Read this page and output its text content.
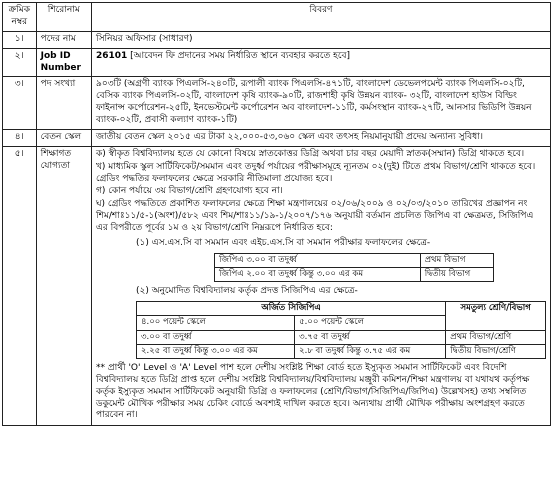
ক্রমিক নম্বর	শিরোনাম	বিবরণ
১।	পদের নাম	সিনিয়র অফিসার (সাধারণ)
২।	Job ID Number	26101 [আবেদন ফি প্রদানের সময় নির্ধারিত স্থানে ব্যবহার করতে হবে]
৩।	পদ সংখ্যা	৯০৩টি (অগ্রণী ব্যাংক পিএলসি-২৪০টি, রূপালী ব্যাংক পিএলসি-৪৭১টি, বাংলাদেশ ডেভেলপমেন্ট ব্যাংক পিএলসি-০২টি, বেসিক ব্যাংক পিএলসি-০২টি, বাংলাদেশ কৃষি ব্যাংক-৯০টি, রাজশাহী কৃষি উন্নয়ন ব্যাংক- ৩২টি, বাংলাদেশ হাউস বিল্ডিং ফাইনান্স কর্পোরেশন-২৫টি, ইনভেস্টমেন্ট কর্পোরেশন অব বাংলাদেশ-১১টি, কর্মসংস্থান ব্যাংক-২৭টি, আনসার ভিডিপি উন্নয়ন ব্যাংক-০২টি, প্রবাসী কল্যাণ ব্যাংক-১টি)
৪।	বেতন স্কেল	জাতীয় বেতন স্কেল ২০১৫ এর টাকা ২২,০০০-৫৩,০৬০ স্কেল এবং তৎসহ নিয়মানুযায়ী প্রদেয় অন্যান্য সুবিধা।
৫।	শিক্ষাগত যোগ্যতা	

ক) স্বীকৃত বিশ্ববিদ্যালয় হতে যে কোনো বিষয়ে স্নাতকোত্তর ডিগ্রি অথবা চার বছর মেয়াদী স্নাতক(সম্মান) ডিগ্রি থাকতে হবে।

খ) মাধ্যমিক স্কুল সার্টিফিকেট/সমমান এবং তদুর্ধ্ব পর্যায়ের পরীক্ষাসমূহে ন্যূনতম ০২(দুই) টিতে প্রথম বিভাগ/শ্রেণি থাকতে হবে। গ্রেডিং পদ্ধতির ফলাফলের ক্ষেত্রে সরকারি নীতিমালা প্রযোজ্য হবে।

গ) কোন পর্যায়ে ৩য় বিভাগ/শ্রেণি গ্রহণযোগ্য হবে না।

ঘ) গ্রেডিং পদ্ধতিতে প্রকাশিত ফলাফলের ক্ষেত্রে শিক্ষা মন্ত্রণালয়ের ০২/০৬/২০০৯ ও ০২/০৩/২০১০ তারিখের প্রজ্ঞাপন নং শিম/শাঃ১১/৫-১(অংশ)/৫৮২ এবং শিম/শাঃ১১/১৯-১/২০০৭/১৭৬ অনুযায়ী বর্তমান প্রচলিত জিপিএ বা ক্ষেত্রমত, সিজিপিএ এর বিপরীতে পূর্বের ১ম ও ২য় বিভাগ/শ্রেণি নিম্নরূপে নির্ধারিত হবে:

(১) এস.এস.সি বা সমমান এবং এইচ.এস.সি বা সমমান পরীক্ষার ফলাফলের ক্ষেত্রে-
জিপিএ ৩.০০ বা তদুর্ধ্ব	প্রথম বিভাগ
জিপিএ ২.০০ বা তদুর্ধ্ব কিন্তু ৩.০০ এর কম	দ্বিতীয় বিভাগ
(২) অনুমোদিত বিশ্ববিদ্যালয় কর্তৃক প্রদত্ত সিজিপিএ এর ক্ষেত্রে-
অর্জিত সিজিপিএ	সমতুল্য শ্রেণি/বিভাগ
৪.০০ পয়েন্ট স্কেলে	৫.০০ পয়েন্ট স্কেলে
৩.০০ বা তদুর্ধ্ব	৩.৭৫ বা তদুর্ধ্ব	প্রথম বিভাগ/শ্রেণি
২.২৫ বা তদুর্ধ্ব কিন্তু ৩.০০ এর কম	২.৮ বা তদুর্ধ্ব কিন্তু ৩.৭৫ এর কম	দ্বিতীয় বিভাগ/শ্রেণি

** প্রার্থী 'O' Level ও 'A' Level পাশ হলে দেশীয় সংশ্লিষ্ট শিক্ষা বোর্ড হতে ইস্যুকৃত সমমান সার্টিফিকেট এবং বিদেশি বিশ্ববিদ্যালয় হতে ডিগ্রি প্রাপ্ত হলে দেশীয় সংশ্লিষ্ট বিশ্ববিদ্যালয়/বিশ্ববিদ্যালয় মঞ্জুরী কমিশন/শিক্ষা মন্ত্রণালয় বা যথাযথ কর্তৃপক্ষ কর্তৃক ইস্যুকৃত সমমান সার্টিফিকেট অনুযায়ী ডিগ্রি ও ফলাফলের (শ্রেণি/বিভাগ/সিজিপিএ/জিপিএ) উল্লেখসহ) তথ্য সম্বলিত ডকুমেন্ট মৌখিক পরীক্ষার সময় চেকিং বোর্ডে অবশ্যই দাখিল করতে হবে। অন্যথায় প্রার্থী মৌখিক পরীক্ষায় অংশগ্রহণ করতে পারবেন না।
